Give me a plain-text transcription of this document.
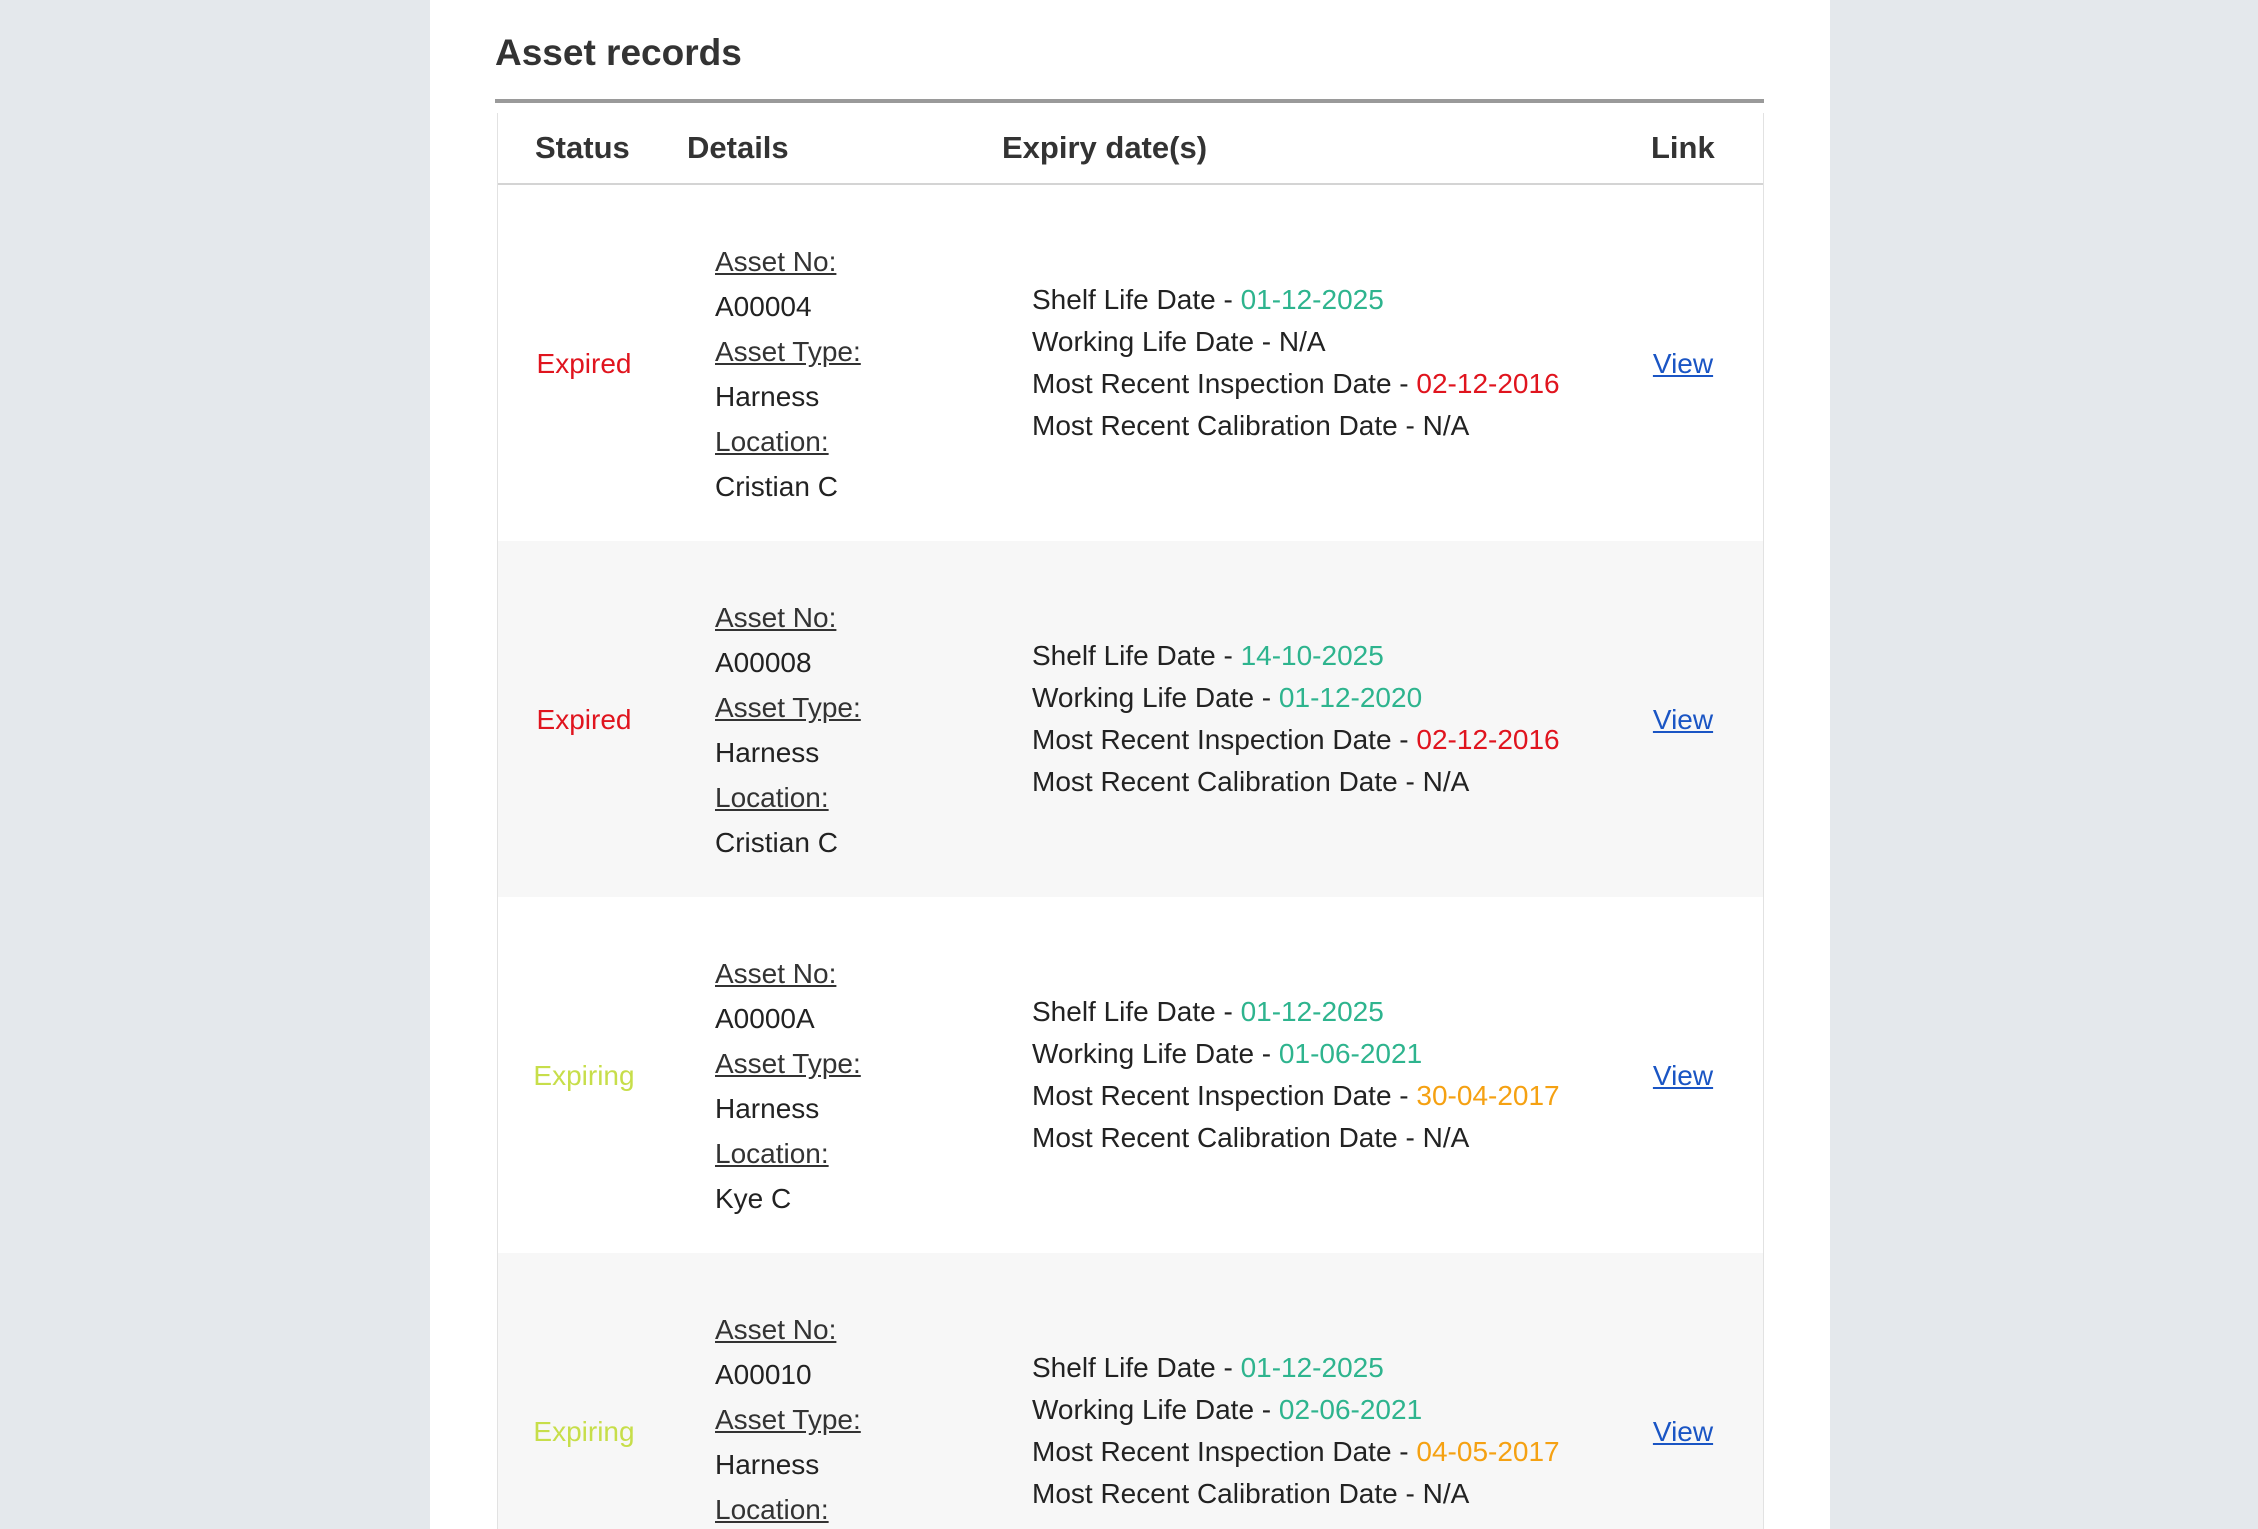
Asset records
Status Details	Expiry date(s)	Link
Expired
Asset No:
A00004
Asset Type:
Harness
Location:
Cristian C
Shelf Life Date - 01-12-2025
Working Life Date - N/A
Most Recent Inspection Date - 02-12-2016
Most Recent Calibration Date - N/A
View
Expired
Asset No:
A00008
Asset Type:
Harness
Location:
Cristian C
Shelf Life Date - 14-10-2025
Working Life Date - 01-12-2020
Most Recent Inspection Date - 02-12-2016
Most Recent Calibration Date - N/A
View
Expiring
Asset No:
A0000A
Asset Type:
Harness
Location:
Kye C
Shelf Life Date - 01-12-2025
Working Life Date - 01-06-2021
Most Recent Inspection Date - 30-04-2017
Most Recent Calibration Date - N/A
View
Expiring
Asset No:
A00010
Asset Type:
Harness
Location:
Shelf Life Date - 01-12-2025
Working Life Date - 02-06-2021
Most Recent Inspection Date - 04-05-2017
Most Recent Calibration Date - N/A
View
